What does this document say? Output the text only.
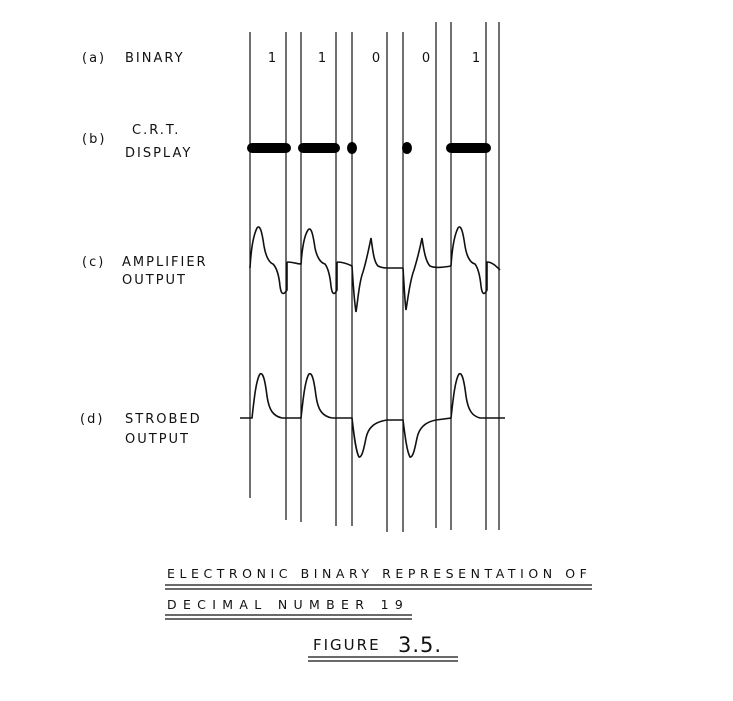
(a) BINARY
(b)
C.R.T.
DISPLAY
(c) AMPLIFIER
OUTPUT
(d) STROBED
OUTPUT
1	1	0	0	1
ELECTRONIC BINARY REPRESENTATION OF
DECIMAL NUMBER 19
FIGURE 3.5.
